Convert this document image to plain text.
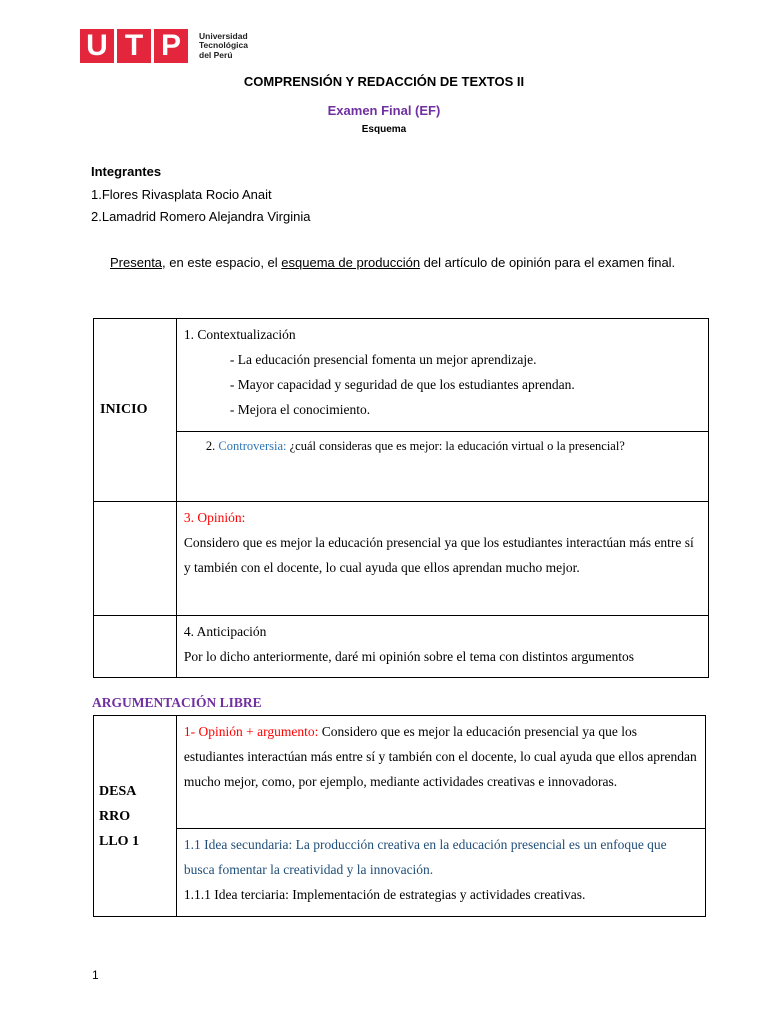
U T P	Universidad
Tecnológica
del Perú
COMPRENSIÓN Y REDACCIÓN DE TEXTOS II
Examen Final (EF)
Esquema
Integrantes
1.Flores Rivasplata Rocio Anait
2.Lamadrid Romero Alejandra Virginia
Presenta, en este espacio, el esquema de producción del artículo de opinión para el examen final.
INICIO	1. Contextualización

- La educación presencial fomenta un mejor aprendizaje.

- Mayor capacidad y seguridad de que los estudiantes aprendan.

- Mejora el conocimiento.

	2. Controversia: ¿cuál consideras que es mejor: la educación virtual o la presencial?

	3. Opinión:

Considero que es mejor la educación presencial ya que los estudiantes interactúan más entre sí y también con el docente, lo cual ayuda que ellos aprendan mucho mejor.

	4. Anticipación

Por lo dicho anteriormente, daré mi opinión sobre el tema con distintos argumentos

ARGUMENTACIÓN LIBRE
DESA
RRO
LLO 1

1- Opinión + argumento: Considero que es mejor la educación presencial ya que los estudiantes interactúan más entre sí y también con el docente, lo cual ayuda que ellos aprendan mucho mejor, como, por ejemplo, mediante actividades creativas e innovadoras.

1.1 Idea secundaria: La producción creativa en la educación presencial es un enfoque que busca fomentar la creatividad y la innovación.

1.1.1 Idea terciaria: Implementación de estrategias y actividades creativas.

1
